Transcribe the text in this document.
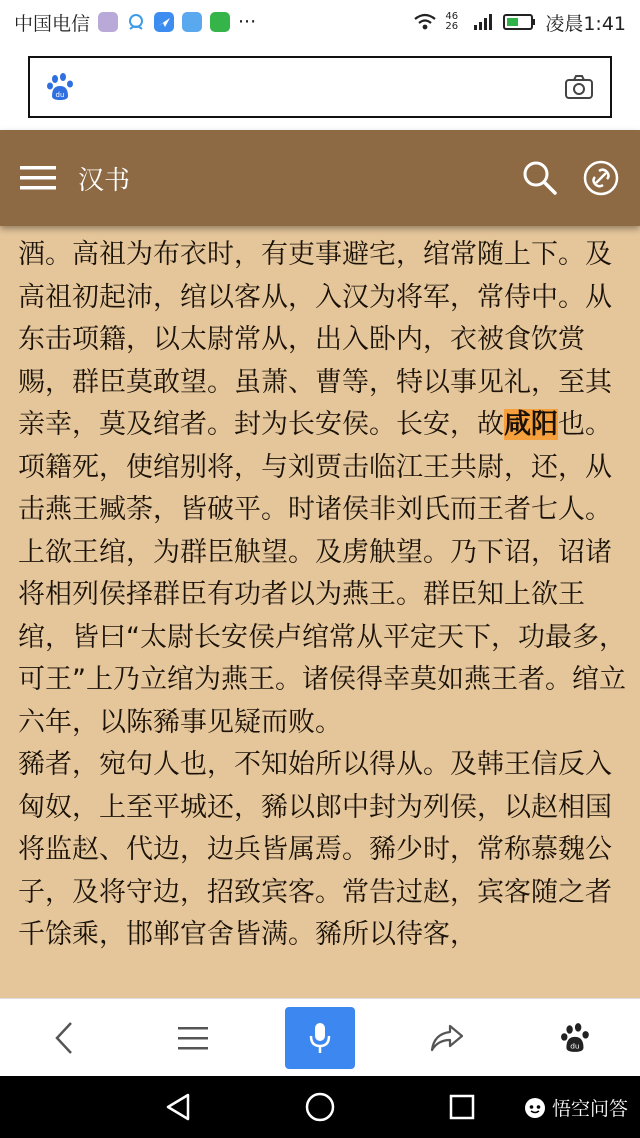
中国电信	···	46 26	凌晨1:41
du
汉书

酒。高祖为布衣时，有吏事避宅，绾常随上下。及高祖初起沛，绾以客从，入汉为将军，常侍中。从东击项籍，以太尉常从，出入卧内，衣被食饮赏赐，群臣莫敢望。虽萧、曹等，特以事见礼，至其亲幸，莫及绾者。封为长安侯。长安，故咸阳也。

项籍死，使绾别将，与刘贾击临江王共尉，还，从击燕王臧荼，皆破平。时诸侯非刘氏而王者七人。上欲王绾，为群臣觖望。及虏觖望。乃下诏，诏诸将相列侯择群臣有功者以为燕王。群臣知上欲王绾，皆曰“太尉长安侯卢绾常从平定天下，功最多，可王”上乃立绾为燕王。诸侯得幸莫如燕王者。绾立六年，以陈豨事见疑而败。

豨者，宛句人也，不知始所以得从。及韩王信反入匈奴，上至平城还，豨以郎中封为列侯，以赵相国将监赵、代边，边兵皆属焉。豨少时，常称慕魏公子，及将守边，招致宾客。常告过赵，宾客随之者千馀乘，邯郸官舍皆满。豨所以待客，

du
悟空问答
